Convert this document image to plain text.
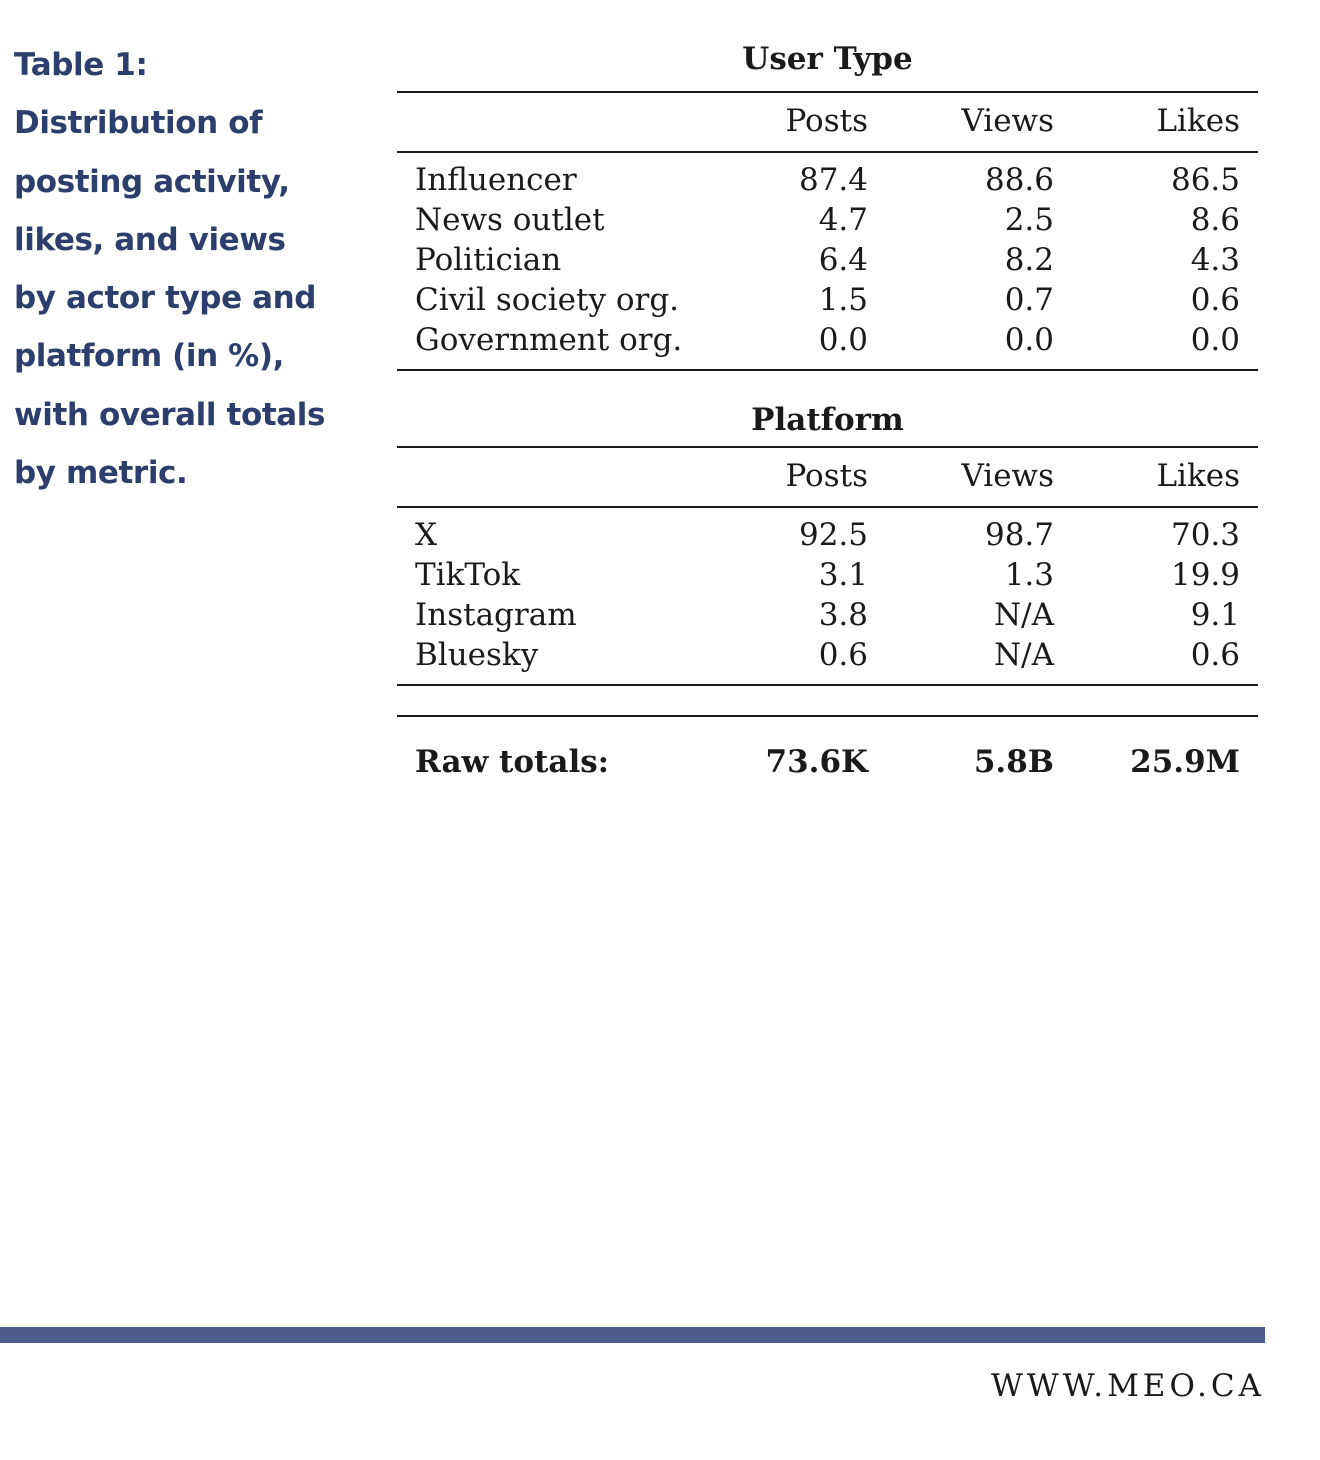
Table 1:
Distribution of
posting activity,
likes, and views
by actor type and
platform (in %),
with overall totals
by metric.
User Type
Posts	Views	Likes
Influencer	87.4	88.6	86.5
News outlet	4.7	2.5	8.6
Politician	6.4	8.2	4.3
Civil society org.	1.5	0.7	0.6
Government org.	0.0	0.0	0.0
Platform
Posts	Views	Likes
X	92.5	98.7	70.3
TikTok	3.1	1.3	19.9
Instagram	3.8	N/A	9.1
Bluesky	0.6	N/A	0.6
Raw totals:	73.6K	5.8B 25.9M
WWW.MEO.CA
